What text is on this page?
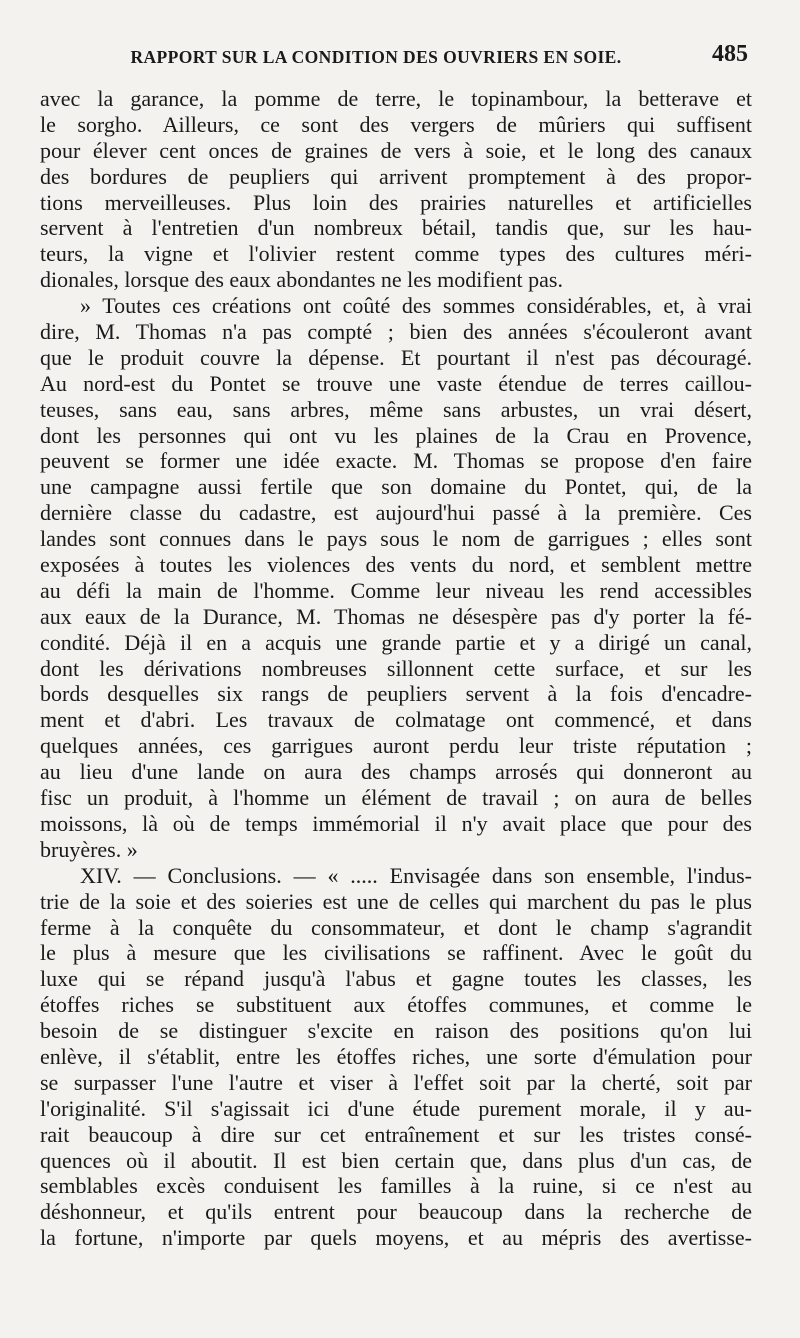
RAPPORT SUR LA CONDITION DES OUVRIERS EN SOIE.	485
avec la garance, la pomme de terre, le topinambour, la betterave et
le sorgho. Ailleurs, ce sont des vergers de mûriers qui suffisent
pour élever cent onces de graines de vers à soie, et le long des canaux
des bordures de peupliers qui arrivent promptement à des propor-
tions merveilleuses. Plus loin des prairies naturelles et artificielles
servent à l'entretien d'un nombreux bétail, tandis que, sur les hau-
teurs, la vigne et l'olivier restent comme types des cultures méri-
dionales, lorsque des eaux abondantes ne les modifient pas.
» Toutes ces créations ont coûté des sommes considérables, et, à vrai
dire, M. Thomas n'a pas compté ; bien des années s'écouleront avant
que le produit couvre la dépense. Et pourtant il n'est pas découragé.
Au nord-est du Pontet se trouve une vaste étendue de terres caillou-
teuses, sans eau, sans arbres, même sans arbustes, un vrai désert,
dont les personnes qui ont vu les plaines de la Crau en Provence,
peuvent se former une idée exacte. M. Thomas se propose d'en faire
une campagne aussi fertile que son domaine du Pontet, qui, de la
dernière classe du cadastre, est aujourd'hui passé à la première. Ces
landes sont connues dans le pays sous le nom de garrigues ; elles sont
exposées à toutes les violences des vents du nord, et semblent mettre
au défi la main de l'homme. Comme leur niveau les rend accessibles
aux eaux de la Durance, M. Thomas ne désespère pas d'y porter la fé-
condité. Déjà il en a acquis une grande partie et y a dirigé un canal,
dont les dérivations nombreuses sillonnent cette surface, et sur les
bords desquelles six rangs de peupliers servent à la fois d'encadre-
ment et d'abri. Les travaux de colmatage ont commencé, et dans
quelques années, ces garrigues auront perdu leur triste réputation ;
au lieu d'une lande on aura des champs arrosés qui donneront au
fisc un produit, à l'homme un élément de travail ; on aura de belles
moissons, là où de temps immémorial il n'y avait place que pour des
bruyères. »
XIV. — Conclusions. — « ..... Envisagée dans son ensemble, l'indus-
trie de la soie et des soieries est une de celles qui marchent du pas le plus
ferme à la conquête du consommateur, et dont le champ s'agrandit
le plus à mesure que les civilisations se raffinent. Avec le goût du
luxe qui se répand jusqu'à l'abus et gagne toutes les classes, les
étoffes riches se substituent aux étoffes communes, et comme le
besoin de se distinguer s'excite en raison des positions qu'on lui
enlève, il s'établit, entre les étoffes riches, une sorte d'émulation pour
se surpasser l'une l'autre et viser à l'effet soit par la cherté, soit par
l'originalité. S'il s'agissait ici d'une étude purement morale, il y au-
rait beaucoup à dire sur cet entraînement et sur les tristes consé-
quences où il aboutit. Il est bien certain que, dans plus d'un cas, de
semblables excès conduisent les familles à la ruine, si ce n'est au
déshonneur, et qu'ils entrent pour beaucoup dans la recherche de
la fortune, n'importe par quels moyens, et au mépris des avertisse-
